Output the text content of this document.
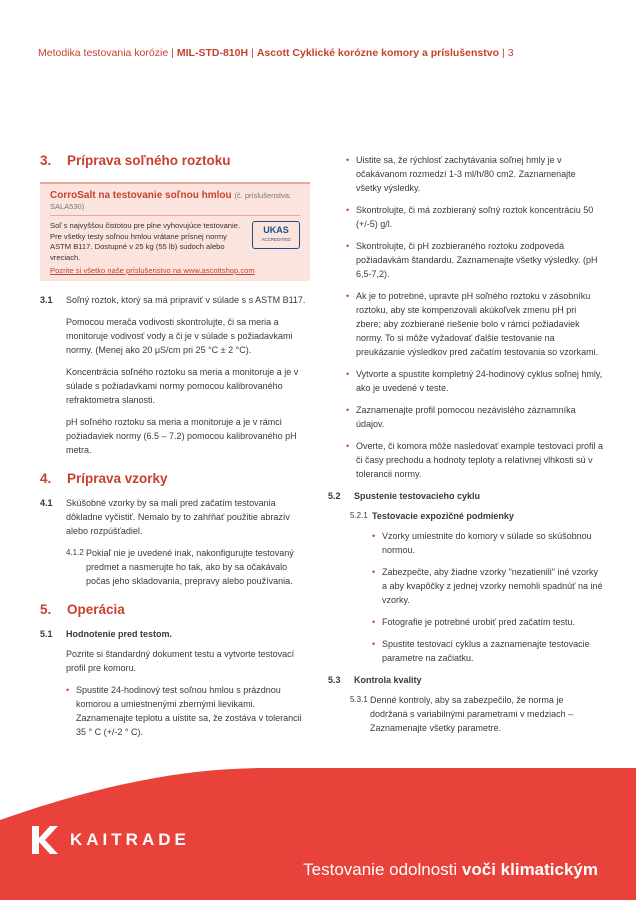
Metodika testovania korózie | MIL-STD-810H | Ascott Cyklické korózne komory a príslušenstvo | 3
3. Príprava soľného roztoku
CorroSalt na testovanie soľnou hmlou (č. príslušenstva: SALA530)
Soľ s najvyššou čistotou pre plne vyhovujúce testovanie. Pre všetky testy soľnou hmlou vrátane prísnej normy ASTM B117. Dostupné v 25 kg (55 lb) sudoch alebo vreciach.
UKAS
ACCREDITED
Pozrite si všetko naše príslušenstvo na www.ascottshop.com
3.1	Soľný roztok, ktorý sa má pripraviť v súlade s s ASTM B117.
Pomocou merača vodivosti skontrolujte, či sa meria a monitoruje vodivosť vody a či je v súlade s požiadavkami normy. (Menej ako 20 μS/cm pri 25 °C ± 2 °C).
Koncentrácia soľného roztoku sa meria a monitoruje a je v súlade s požiadavkami normy pomocou kalibrovaného refraktometra slanosti.
pH soľného roztoku sa meria a monitoruje a je v rámci požiadaviek normy (6.5 – 7.2) pomocou kalibrovaného pH metra.
4. Príprava vzorky
4.1	Skúšobné vzorky by sa mali pred začatím testovania dôkladne vyčistiť. Nemalo by to zahŕňať použitie abrazív alebo rozpúšťadiel.
4.1.2 Pokiaľ nie je uvedené inak, nakonfigurujte testovaný predmet a nasmerujte ho tak, ako by sa očakávalo počas jeho skladovania, prepravy alebo používania.
5. Operácia
5.1	Hodnotenie pred testom.
Pozrite si štandardný dokument testu a vytvorte testovací profil pre komoru.
• Spustite 24-hodinový test soľnou hmlou s prázdnou komorou a umiestnenými zbernými lievikami. Zaznamenajte teplotu a uistite sa, že zostáva v tolerancii 35 ° C (+/-2 ° C).
• Uistite sa, že rýchlosť zachytávania soľnej hmly je v očakávanom rozmedzí 1-3 ml/h/80 cm2. Zaznamenajte všetky výsledky.
• Skontrolujte, či má zozbieraný soľný roztok koncentráciu 50 (+/-5) g/l.
• Skontrolujte, či pH zozbieraného roztoku zodpovedá požiadavkám štandardu. Zaznamenajte všetky výsledky. (pH 6,5-7,2).
• Ak je to potrebné, upravte pH soľného roztoku v zásobníku roztoku, aby ste kompenzovali akúkoľvek zmenu pH pri zbere; aby zozbierané riešenie bolo v rámci požiadaviek normy. To si môže vyžadovať ďalšie testovanie na preukázanie výsledkov pred začatím testovania so vzorkami.
• Vytvorte a spustite kompletný 24-hodinový cyklus soľnej hmly, ako je uvedené v teste.
• Zaznamenajte profil pomocou nezávislého záznamníka údajov.
• Overte, či komora môže nasledovať example testovací profil a či časy prechodu a hodnoty teploty a relatívnej vlhkosti sú v tolerancii normy.
5.2	Spustenie testovacieho cyklu
5.2.1 Testovacie expozičné podmienky
• Vzorky umiestnite do komory v súlade so skúšobnou normou.
• Zabezpečte, aby žiadne vzorky "nezatienili" iné vzorky a aby kvapôčky z jednej vzorky nemohli spadnúť na iné vzorky.
• Fotografie je potrebné urobiť pred začatím testu.
• Spustite testovací cyklus a zaznamenajte testovacie parametre na začiatku.
5.3	Kontrola kvality
5.3.1 Denné kontroly, aby sa zabezpečilo, že norma je dodržaná s variabilnými parametrami v medziach – Zaznamenajte všetky parametre.
KAITRADE
Testovanie odolnosti voči klimatickým
